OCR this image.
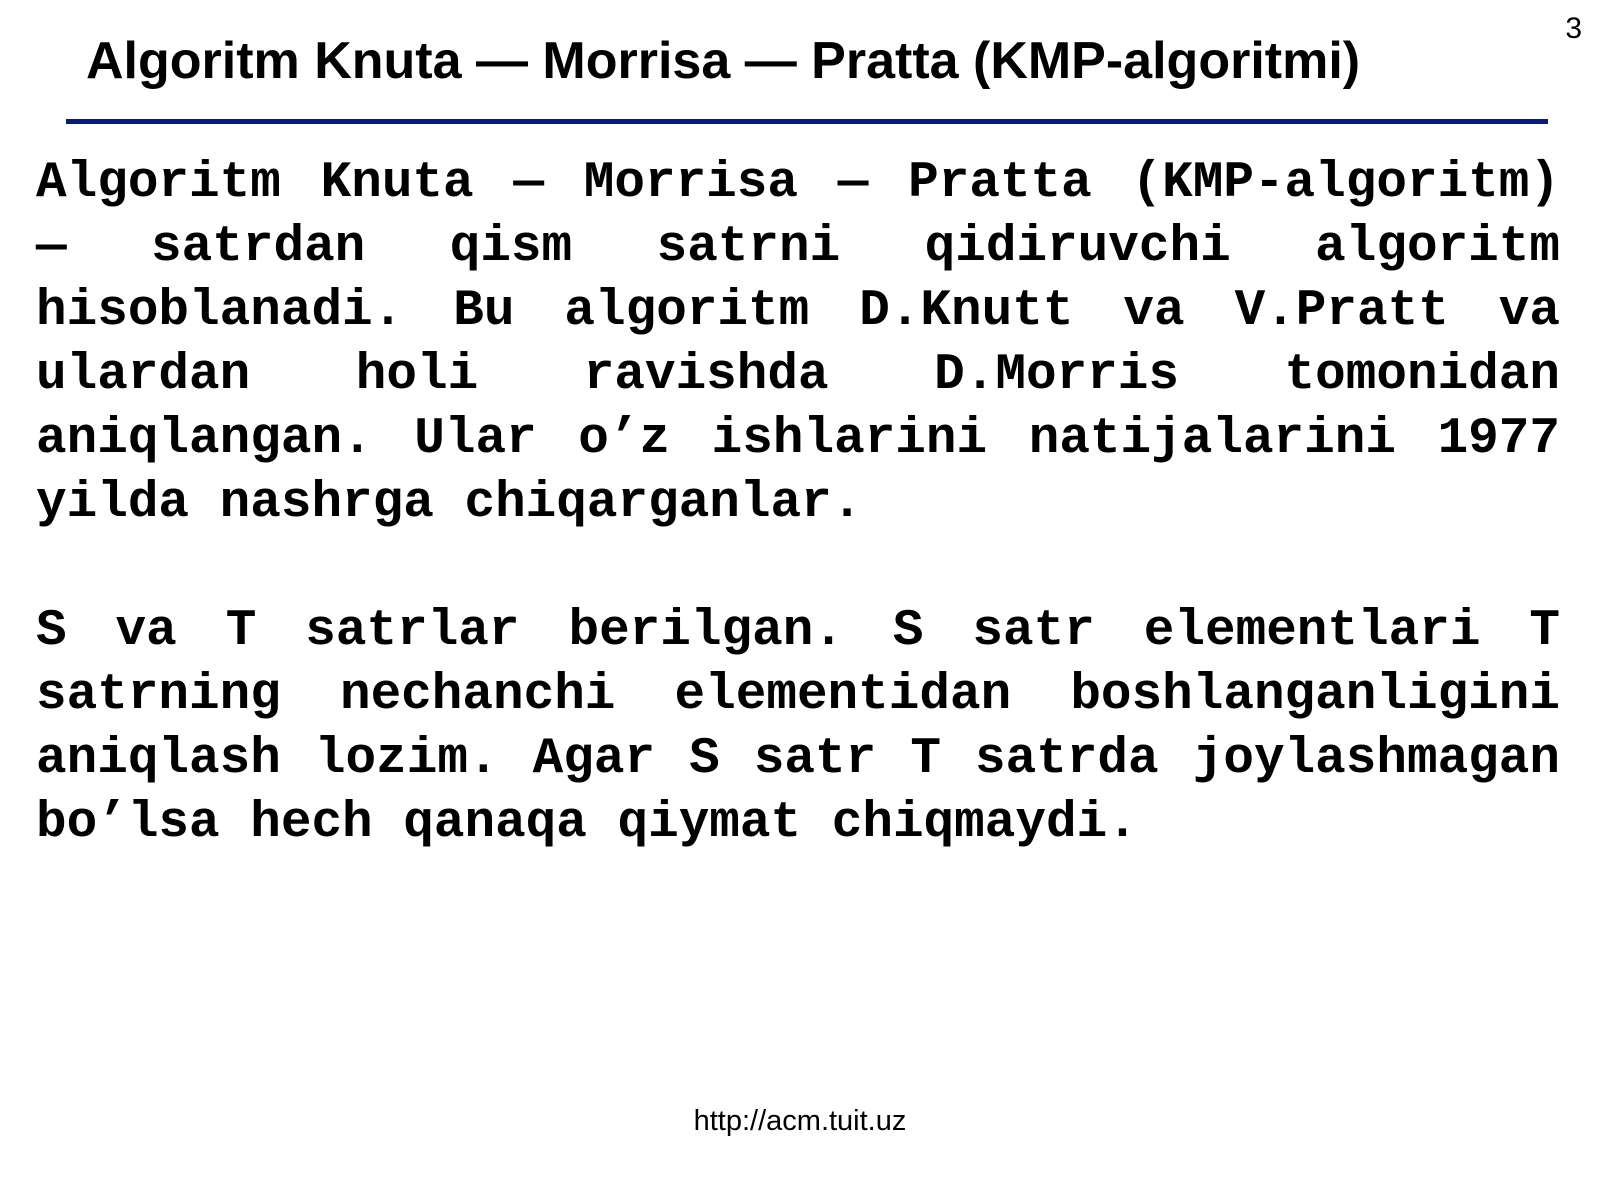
3
Algoritm Knuta — Morrisa — Pratta (KMP-algoritmi)

Algoritm Knuta — Morrisa — Pratta (KMP-algoritm) — satrdan qism satrni qidiruvchi algoritm hisoblanadi. Bu algoritm D.Knutt va V.Pratt va ulardan holi ravishda D.Morris tomonidan aniqlangan. Ular o’z ishlarini natijalarini 1977 yilda nashrga chiqarganlar.

S va T satrlar berilgan. S satr elementlari T satrning nechanchi elementidan boshlanganligini aniqlash lozim. Agar S satr T satrda joylashmagan bo’lsa hech qanaqa qiymat chiqmaydi.

http://acm.tuit.uz
